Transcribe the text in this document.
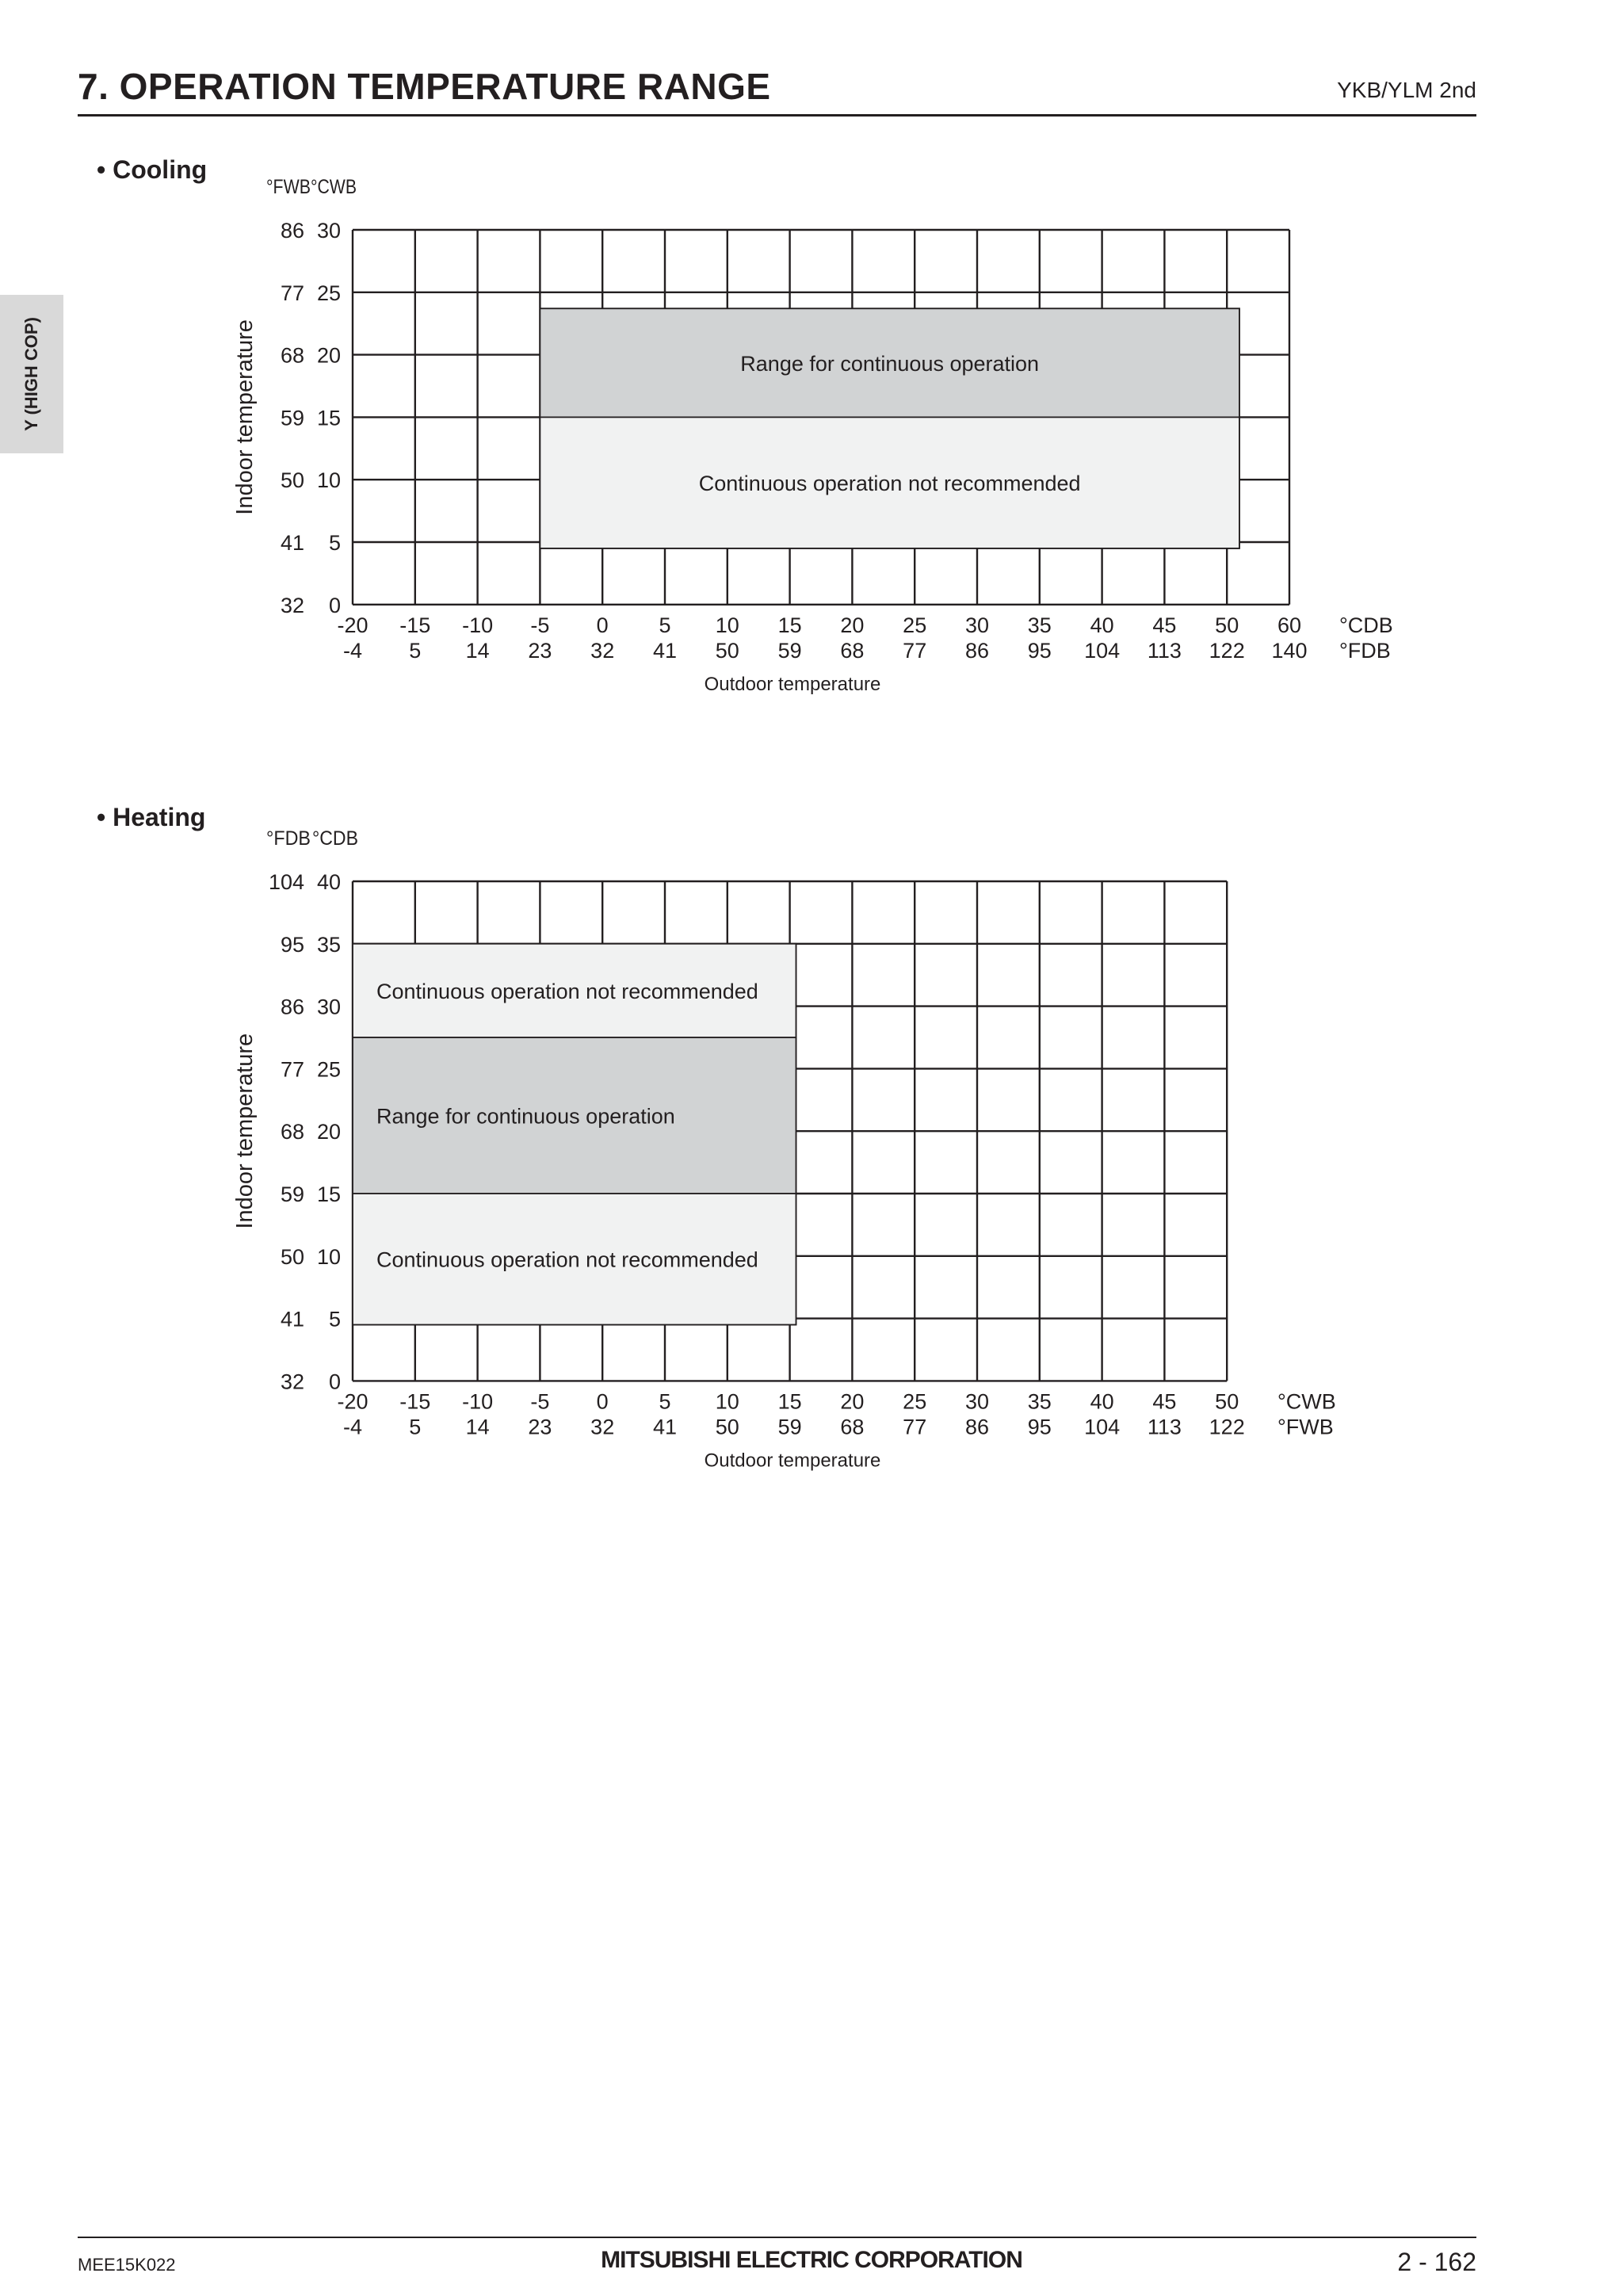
7. OPERATION TEMPERATURE RANGE	YKB/YLM 2nd
Y (HIGH COP)
• Cooling
• Heating
Range for continuous operation
Continuous operation not recommended
32 0
41 5
50 10
59 15
68 20
77 25
86 30
°FWB °CWB
Indoor temperature
-20
-4
-15
5
-10
14
-5
23
0
32
5
41
10
50
15
59
20
68
25
77
30
86
35
95
40
104
45
113
50
122
60
140
°CDB
°FDB
Outdoor temperature
Continuous operation not recommended
Range for continuous operation
Continuous operation not recommended
32 0
41 5
50 10
59 15
68 20
77 25
86 30
95 35
104 40
°FDB °CDB
Indoor temperature
-20
-4
-15
5
-10
14
-5
23
0
32
5
41
10
50
15
59
20
68
25
77
30
86
35
95
40
104
45
113
50
122
°CWB
°FWB
Outdoor temperature
MEE15K022	MITSUBISHI ELECTRIC CORPORATION	2 - 162
